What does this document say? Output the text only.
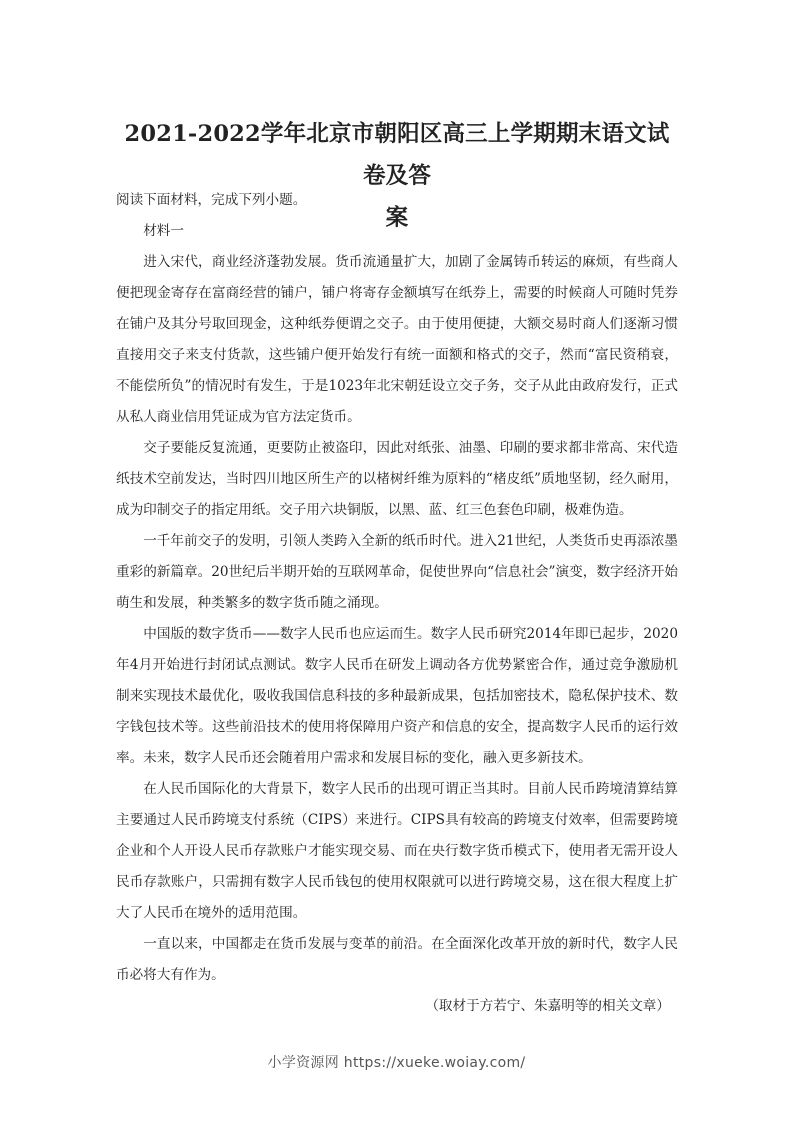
2021-2022学年北京市朝阳区高三上学期期末语文试卷及答
案

阅读下面材料，完成下列小题。

材料一

进入宋代，商业经济蓬勃发展。货币流通量扩大，加剧了金属铸币转运的麻烦，有些商人便把现金寄存在富商经营的铺户，铺户将寄存金额填写在纸券上，需要的时候商人可随时凭券在铺户及其分号取回现金，这种纸券便谓之交子。由于使用便捷，大额交易时商人们逐渐习惯直接用交子来支付货款，这些铺户便开始发行有统一面额和格式的交子，然而“富民资稍衰，不能偿所负”的情况时有发生，于是1023年北宋朝廷设立交子务，交子从此由政府发行，正式从私人商业信用凭证成为官方法定货币。

交子要能反复流通，更要防止被盗印，因此对纸张、油墨、印刷的要求都非常高、宋代造纸技术空前发达，当时四川地区所生产的以楮树纤维为原料的“楮皮纸”质地坚韧，经久耐用，成为印制交子的指定用纸。交子用六块铜版，以黑、蓝、红三色套色印刷，极难伪造。

一千年前交子的发明，引领人类跨入全新的纸币时代。进入21世纪，人类货币史再添浓墨重彩的新篇章。20世纪后半期开始的互联网革命，促使世界向“信息社会”演变，数字经济开始萌生和发展，种类繁多的数字货币随之涌现。

中国版的数字货币——数字人民币也应运而生。数字人民币研究2014年即已起步，2020年4月开始进行封闭试点测试。数字人民币在研发上调动各方优势紧密合作，通过竞争激励机制来实现技术最优化，吸收我国信息科技的多种最新成果，包括加密技术，隐私保护技术、数字钱包技术等。这些前沿技术的使用将保障用户资产和信息的安全，提高数字人民币的运行效率。未来，数字人民币还会随着用户需求和发展目标的变化，融入更多新技术。

在人民币国际化的大背景下，数字人民币的出现可谓正当其时。目前人民币跨境清算结算主要通过人民币跨境支付系统（CIPS）来进行。CIPS具有较高的跨境支付效率，但需要跨境企业和个人开设人民币存款账户才能实现交易、而在央行数字货币模式下，使用者无需开设人民币存款账户，只需拥有数字人民币钱包的使用权限就可以进行跨境交易，这在很大程度上扩大了人民币在境外的适用范围。

一直以来，中国都走在货币发展与变革的前沿。在全面深化改革开放的新时代，数字人民币必将大有作为。

（取材于方若宁、朱嘉明等的相关文章）

小学资源网 https://xueke.woiay.com/
